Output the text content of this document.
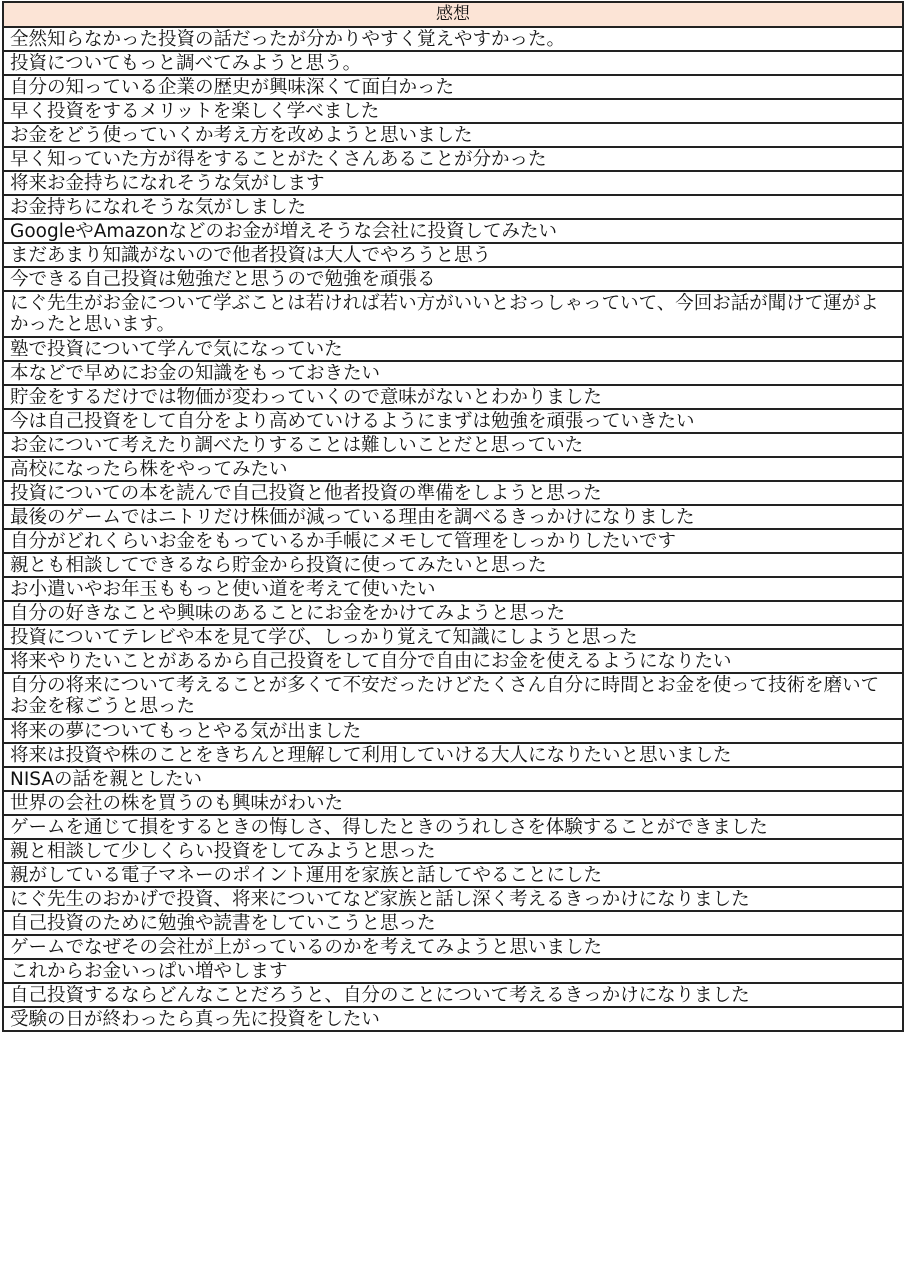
感想
全然知らなかった投資の話だったが分かりやすく覚えやすかった。
投資についてもっと調べてみようと思う。
自分の知っている企業の歴史が興味深くて面白かった
早く投資をするメリットを楽しく学べました
お金をどう使っていくか考え方を改めようと思いました
早く知っていた方が得をすることがたくさんあることが分かった
将来お金持ちになれそうな気がします
お金持ちになれそうな気がしました
GoogleやAmazonなどのお金が増えそうな会社に投資してみたい
まだあまり知識がないので他者投資は大人でやろうと思う
今できる自己投資は勉強だと思うので勉強を頑張る
にぐ先生がお金について学ぶことは若ければ若い方がいいとおっしゃっていて、今回お話が聞けて運がよかったと思います。
塾で投資について学んで気になっていた
本などで早めにお金の知識をもっておきたい
貯金をするだけでは物価が変わっていくので意味がないとわかりました
今は自己投資をして自分をより高めていけるようにまずは勉強を頑張っていきたい
お金について考えたり調べたりすることは難しいことだと思っていた
高校になったら株をやってみたい
投資についての本を読んで自己投資と他者投資の準備をしようと思った
最後のゲームではニトリだけ株価が減っている理由を調べるきっかけになりました
自分がどれくらいお金をもっているか手帳にメモして管理をしっかりしたいです
親とも相談してできるなら貯金から投資に使ってみたいと思った
お小遣いやお年玉ももっと使い道を考えて使いたい
自分の好きなことや興味のあることにお金をかけてみようと思った
投資についてテレビや本を見て学び、しっかり覚えて知識にしようと思った
将来やりたいことがあるから自己投資をして自分で自由にお金を使えるようになりたい
自分の将来について考えることが多くて不安だったけどたくさん自分に時間とお金を使って技術を磨いてお金を稼ごうと思った
将来の夢についてもっとやる気が出ました
将来は投資や株のことをきちんと理解して利用していける大人になりたいと思いました
NISAの話を親としたい
世界の会社の株を買うのも興味がわいた
ゲームを通じて損をするときの悔しさ、得したときのうれしさを体験することができました
親と相談して少しくらい投資をしてみようと思った
親がしている電子マネーのポイント運用を家族と話してやることにした
にぐ先生のおかげで投資、将来についてなど家族と話し深く考えるきっかけになりました
自己投資のために勉強や読書をしていこうと思った
ゲームでなぜその会社が上がっているのかを考えてみようと思いました
これからお金いっぱい増やします
自己投資するならどんなことだろうと、自分のことについて考えるきっかけになりました
受験の日が終わったら真っ先に投資をしたい
